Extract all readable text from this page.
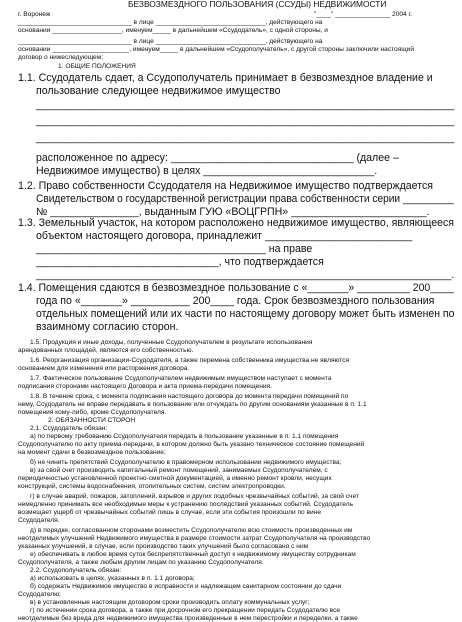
БЕЗВОЗМЕЗДНОГО ПОЛЬЗОВАНИЯ (ССУДЫ) НЕДВИЖИМОСТИ
г. Воронеж	"____" _______________ 2004 г.
_______________________________ в лице ______________________________, действующего на
основании ___________________, именуем_____ в дальнейшем «Ссудодатель», с одной стороны, и
_______________________________ в лице ______________________________, действующего на
основании _____________________, именуем_____ в дальнейшем «Ссудополучатель», с другой стороны заключили настоящий
договор о нижеследующем:
1. ОБЩИЕ ПОЛОЖЕНИЯ
1.1. Ссудодатель сдает, а Ссудополучатель принимает в безвозмездное владение и
пользование следующее недвижимое имущество
_______________________________________________________________________
_______________________________________________________________________
_______________________________________________________________________
расположенное по адресу: _______________________________ (далее –
Недвижимое имущество) в целях _____________________________.
1.2. Право собственности Ссудодателя на Недвижимое имущество подтверждается
Свидетельством о государственной регистрации права собственности серии _________
№ _______________, выданным ГУЮ «ВОЦГРПН» _______________________.
1.3. Земельный участок, на котором расположено недвижимое имущество, являющееся
объектом настоящего договора, принадлежит _________________________
_______________________________________ на праве
_______________________________, что подтверждается
_______________________________________________________________________.
1.4. Помещения сдаются в безвозмездное пользование с «_______» _________ 200____
года по «_______» __________ 200____ года. Срок безвозмездного пользования
отдельных помещений или их части по настоящему договору может быть изменен по
взаимному согласию сторон.
1.5. Продукция и иные доходы, полученные Ссудополучателем в результате использования
арендованных площадей, являются его собственностью.
1.6. Реорганизация организации-Ссудодателя, а также перемена собственника имущества не являются
основанием для изменения или расторжения договора.
1.7. Фактическое пользование Ссудополучателем недвижимым имуществом наступает с момента
подписания сторонами настоящего Договора и акта приема-передачи помещения.
1.8. В течение срока, с момента подписания настоящего договора до момента передачи помещений по
нему, Ссудодатель не вправе передавать в пользование или отчуждать по другим основаниям указанные в п. 1.1
помещения кому-либо, кроме Ссудополучателя.
2. ОБЯЗАННОСТИ СТОРОН
2.1. Ссудодатель обязан:
а) по первому требованию Ссудополучателя передать в пользование указанные в п. 1.1 помещения
Ссудополучателю по акту приема-передачи, в котором должно быть указано техническое состояние помещений
на момент сдачи в безвозмездное пользование;
б) не чинить препятствий Ссудополучателю в правомерном использовании недвижимого имущества;
в) за свой счет производить капитальный ремонт помещений, занимаемых Ссудополучателем, с
периодичностью установленной проектно-сметной документацией, а именно ремонт кровли, несущих
конструкций, системы водоснабжения, отопительных систем, систем электропроводки.
г) в случае аварий, пожаров, затоплений, взрывов и других подобных чрезвычайных событий, за свой счет
немедленно принимать все необходимые меры к устранению последствий указанных событий. Ссудодатель
возмещает ущерб от чрезвычайных событий лишь в случае, если эти события произошли по вине
Ссудодателя.
д) в порядке, согласованном сторонами возместить Ссудополучателю всю стоимость произведенных им
неотделимых улучшений Недвижимого имущества в размере стоимости затрат Ссудополучателя на производство
указанных улучшений, в случае, если производство таких улучшений было согласовано с ним
е) обеспечивать в любое время суток беспрепятственный доступ к недвижимому имуществу сотрудникам
Ссудополучателя, а также любым другим лицам по указанию Ссудополучателя.
2.2. Ссудополучатель обязан:
а) использовать в целях, указанных в п. 1.1 договора;
б) содержать Недвижимое имущество в исправности и надлежащем санитарном состоянии до сдачи
Ссудодателю;
в) в установленные настоящим договором сроки производить оплату коммунальных услуг;
г) по истечении срока договора, а также при досрочном его прекращении передать Ссудодателю все
неотделимые без вреда для недвижимого имущества произведенные в нем перестройки и переделки, а также
